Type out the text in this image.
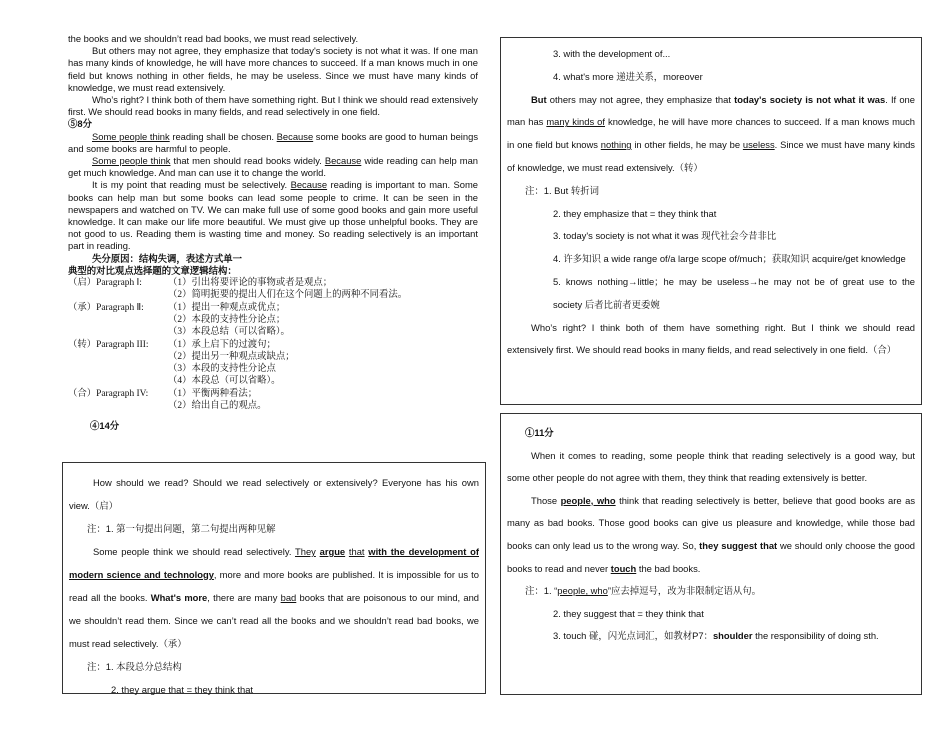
the books and we shouldn’t read bad books, we must read selectively.

But others may not agree, they emphasize that today's society is not what it was. If one man has many kinds of knowledge, he will have more chances to succeed. If a man knows much in one field but knows nothing in other fields, he may be useless. Since we must have many kinds of knowledge, we must read extensively.

Who’s right? I think both of them have something right. But I think we should read extensively first. We should read books in many fields, and read selectively in one field.

⑤8分

Some people think reading shall be chosen. Because some books are good to human beings and some books are harmful to people.

Some people think that men should read books widely. Because wide reading can help man get much knowledge. And man can use it to change the world.

It is my point that reading must be selectively. Because reading is important to man. Some books can help man but some books can lead some people to crime. It can be seen in the newspapers and watched on TV. We can make full use of some good books and gain more useful knowledge. It can make our life more beautiful. We must give up those unhelpful books. They are not good to us. Reading them is wasting time and money. So reading selectively is an important part in reading.

失分原因：结构失调，表述方式单一

典型的对比观点选择题的文章逻辑结构：

（启）Paragraph Ⅰ:	（1）引出将要评论的事物或者是观点；
（2）简明扼要的提出人们在这个问题上的两种不同看法。
（承）Paragraph Ⅱ:	（1）提出一种观点或优点；
（2）本段的支持性分论点；
（3）本段总结（可以省略）。
（转）Paragraph III:	（1）承上启下的过渡句；
（2）提出另一种观点或缺点；
（3）本段的支持性分论点
（4）本段总（可以省略）。
（合）Paragraph IV:	（1）平衡两种看法；
（2）给出自己的观点。

④14分

How should we read? Should we read selectively or extensively? Everyone has his own view.（启）

注：1. 第一句提出问题，第二句提出两种见解

Some people think we should read selectively. They argue that with the development of modern science and technology, more and more books are published. It is impossible for us to read all the books. What's more, there are many bad books that are poisonous to our mind, and we shouldn’t read them. Since we can’t read all the books and we shouldn’t read bad books, we must read selectively.（承）

注：1. 本段总分总结构

2. they argue that = they think that

3. with the development of...

4. what's more 递进关系，moreover

But others may not agree, they emphasize that today's society is not what it was. If one man has many kinds of knowledge, he will have more chances to succeed. If a man knows much in one field but knows nothing in other fields, he may be useless. Since we must have many kinds of knowledge, we must read extensively.（转）

注：1. But 转折词

2. they emphasize that = they think that

3. today's society is not what it was 现代社会今昔非比

4. 许多知识 a wide range of/a large scope of/much；获取知识 acquire/get knowledge

5. knows nothing→little；he may be useless→he may not be of great use to the society 后者比前者更委婉

Who’s right? I think both of them have something right. But I think we should read extensively first. We should read books in many fields, and read selectively in one field.（合）

①11分

When it comes to reading, some people think that reading selectively is a good way, but some other people do not agree with them, they think that reading extensively is better.

Those people, who think that reading selectively is better, believe that good books are as many as bad books. Those good books can give us pleasure and knowledge, while those bad books can only lead us to the wrong way. So, they suggest that we should only choose the good books to read and never touch the bad books.

注：1. “people, who”应去掉逗号，改为非限制定语从句。

2. they suggest that = they think that

3. touch 碰，闪光点词汇，如教材P7：shoulder the responsibility of doing sth.
